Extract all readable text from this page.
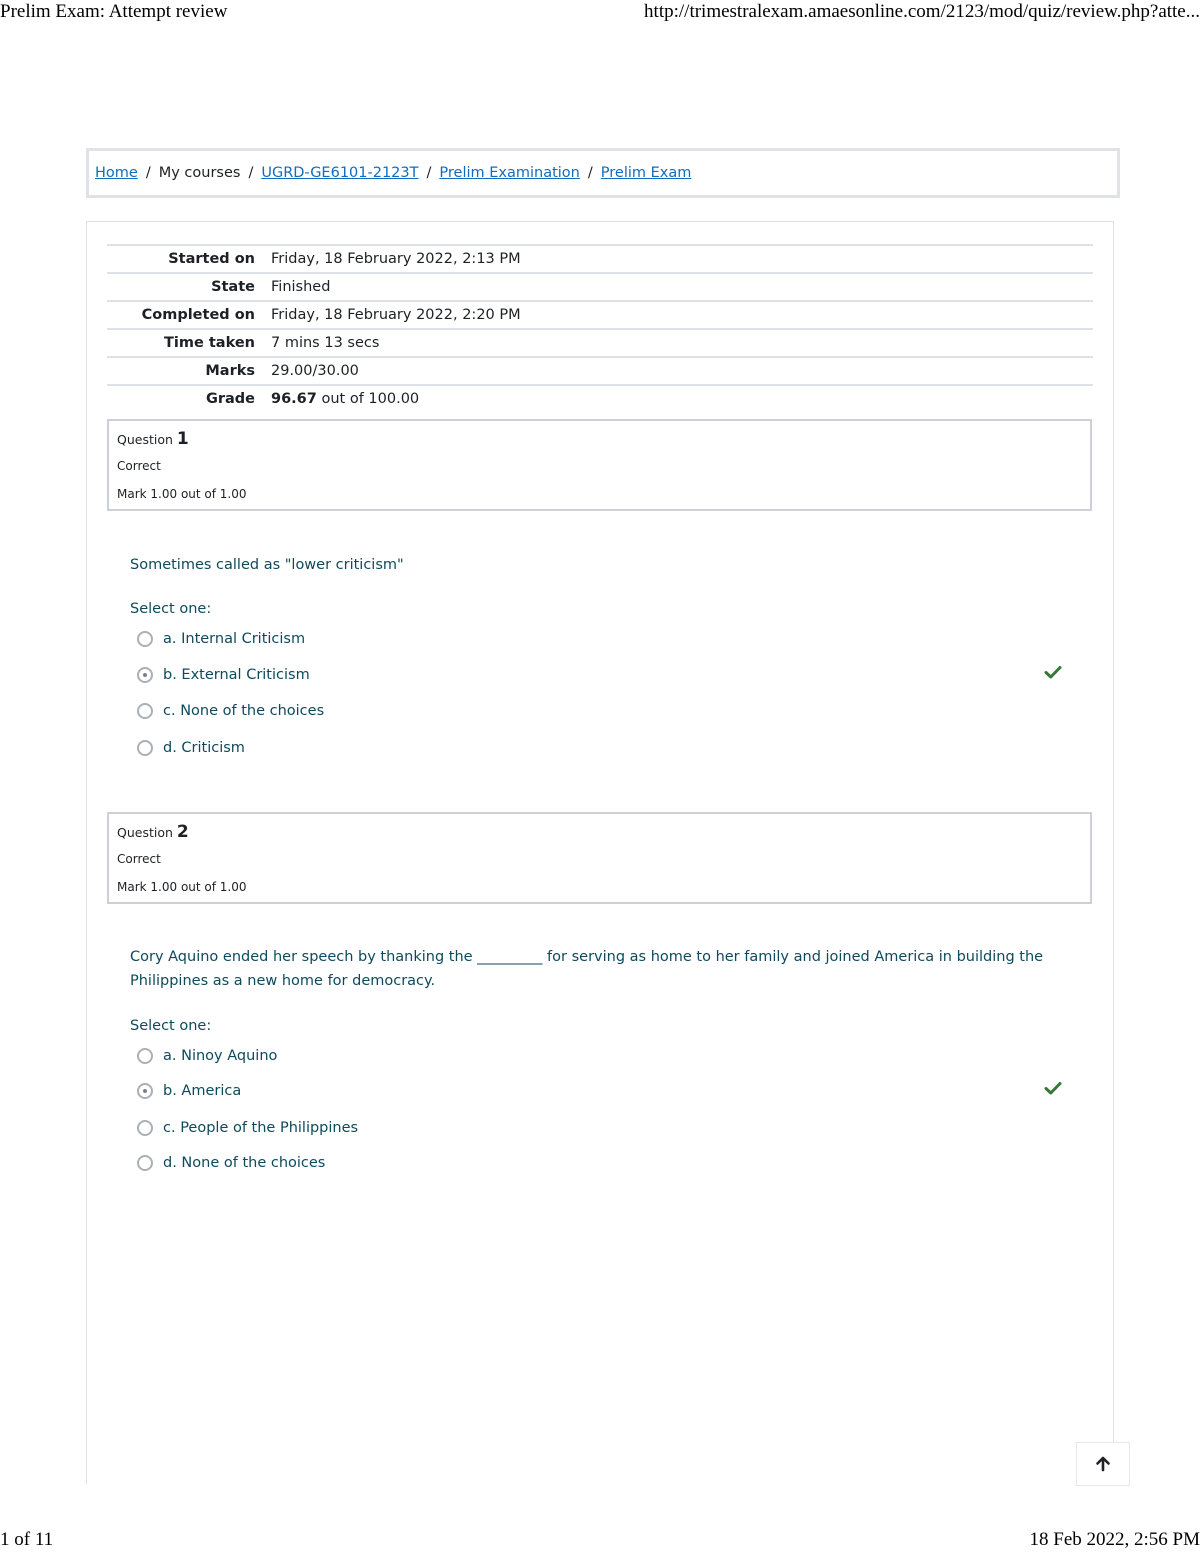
Prelim Exam: Attempt review	http://trimestralexam.amaesonline.com/2123/mod/quiz/review.php?atte...
Home / My courses / UGRD-GE6101-2123T / Prelim Examination / Prelim Exam
Started on	Friday, 18 February 2022, 2:13 PM
State	Finished
Completed on	Friday, 18 February 2022, 2:20 PM
Time taken	7 mins 13 secs
Marks	29.00/30.00
Grade	96.67 out of 100.00
Question 1
Correct
Mark 1.00 out of 1.00
Sometimes called as "lower criticism"
Select one:
a. Internal Criticism
b. External Criticism
c. None of the choices
d. Criticism
Question 2
Correct
Mark 1.00 out of 1.00
Cory Aquino ended her speech by thanking the _________ for serving as home to her family and joined America in building the
Philippines as a new home for democracy.
Select one:
a. Ninoy Aquino
b. America
c. People of the Philippines
d. None of the choices
1 of 11	18 Feb 2022, 2:56 PM
